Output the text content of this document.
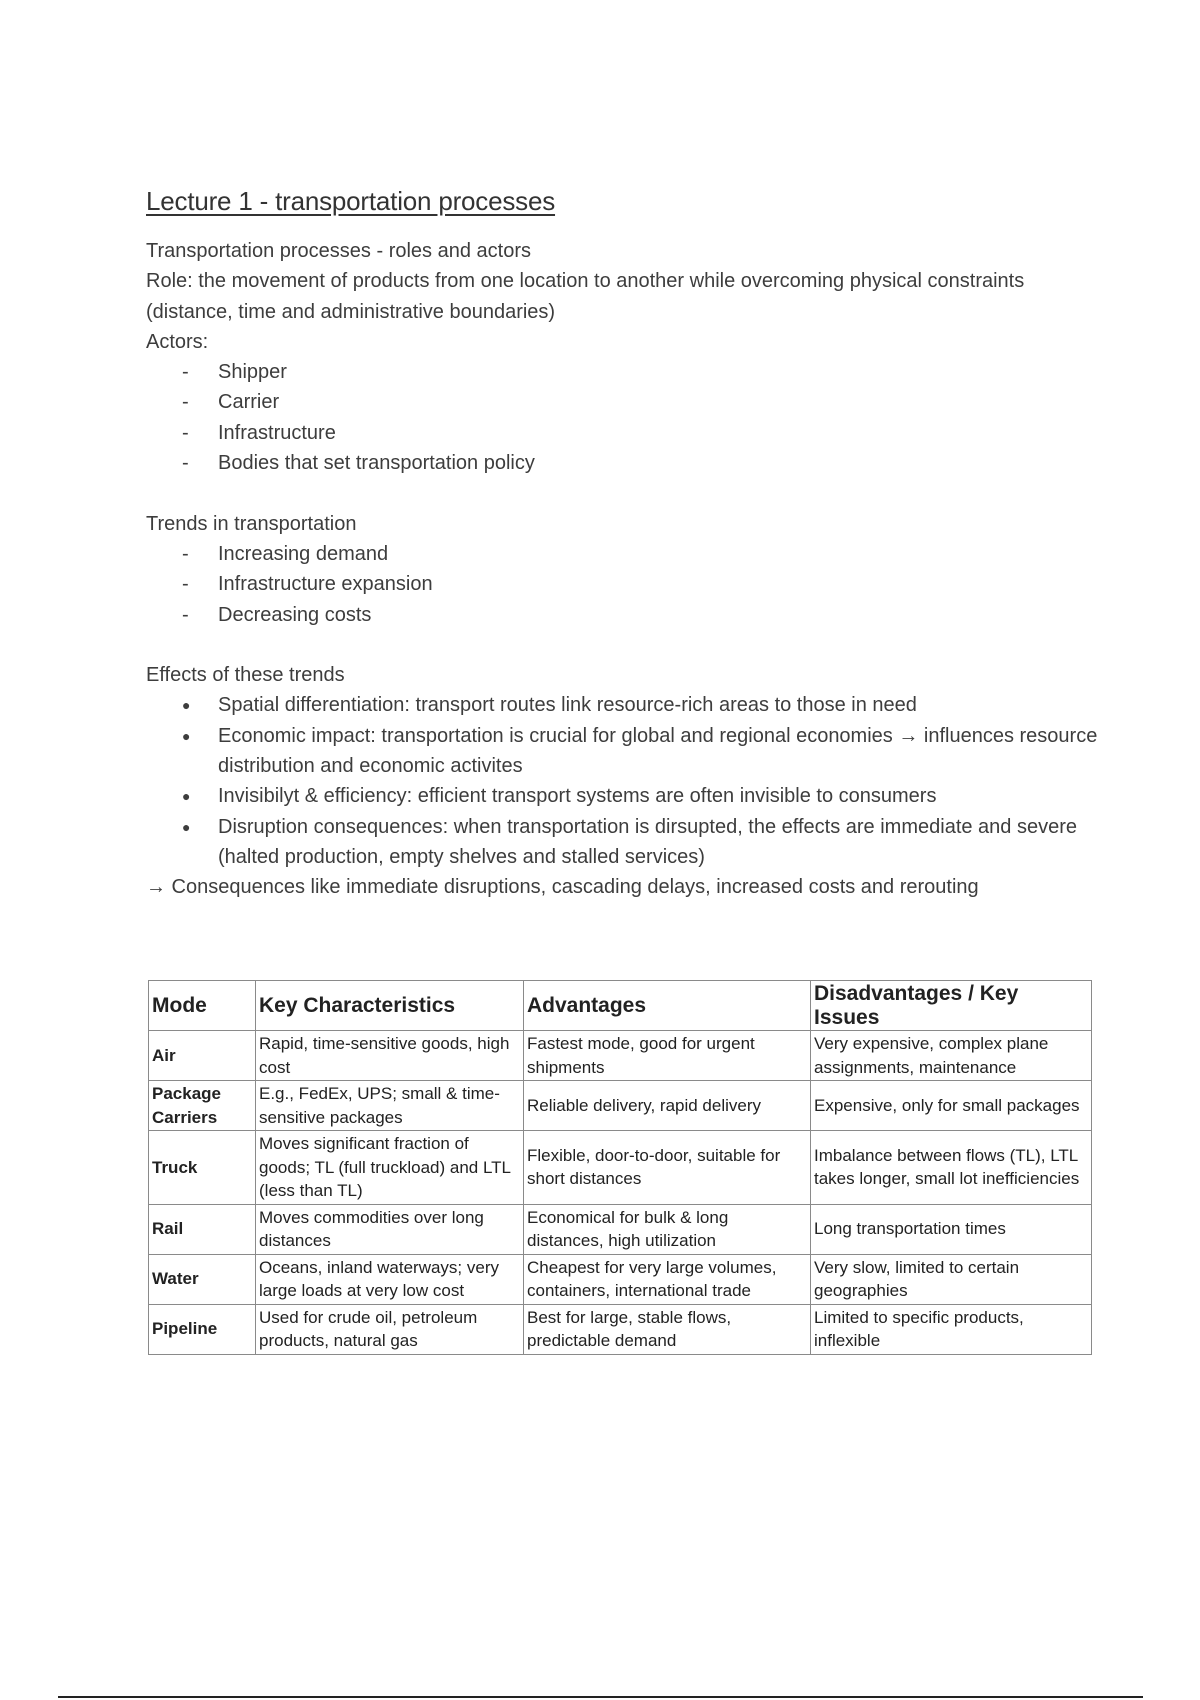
Lecture 1 - transportation processes

Transportation processes - roles and actors

Role: the movement of products from one location to another while overcoming physical constraints (distance, time and administrative boundaries)

Actors:

- Shipper
- Carrier
- Infrastructure
- Bodies that set transportation policy

Trends in transportation

- Increasing demand
- Infrastructure expansion
- Decreasing costs

Effects of these trends

● Spatial differentiation: transport routes link resource-rich areas to those in need
● Economic impact: transportation is crucial for global and regional economies → influences resource distribution and economic activites
● Invisibilyt & efficiency: efficient transport systems are often invisible to consumers
● Disruption consequences: when transportation is dirsupted, the effects are immediate and severe (halted production, empty shelves and stalled services)

→ Consequences like immediate disruptions, cascading delays, increased costs and rerouting

Mode	Key Characteristics	Advantages	Disadvantages / Key Issues
Air	Rapid, time-sensitive goods, high cost	Fastest mode, good for urgent shipments	Very expensive, complex plane assignments, maintenance
Package Carriers	E.g., FedEx, UPS; small & time-sensitive packages	Reliable delivery, rapid delivery	Expensive, only for small packages
Truck	Moves significant fraction of goods; TL (full truckload) and LTL (less than TL)	Flexible, door-to-door, suitable for short distances	Imbalance between flows (TL), LTL takes longer, small lot inefficiencies
Rail	Moves commodities over long distances	Economical for bulk & long distances, high utilization	Long transportation times
Water	Oceans, inland waterways; very large loads at very low cost	Cheapest for very large volumes, containers, international trade	Very slow, limited to certain geographies
Pipeline	Used for crude oil, petroleum products, natural gas	Best for large, stable flows, predictable demand	Limited to specific products, inflexible
